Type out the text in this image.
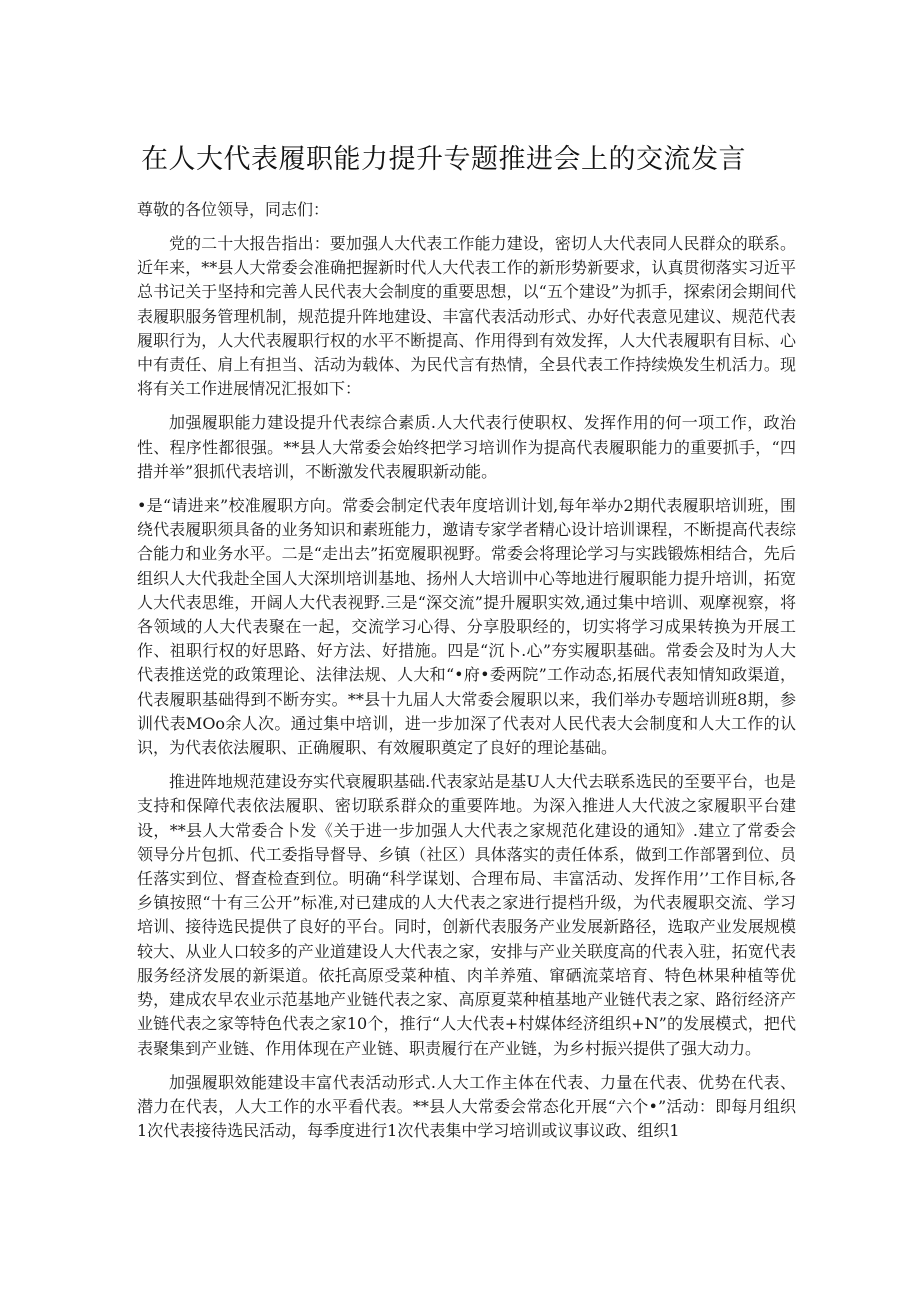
在人大代表履职能力提升专题推进会上的交流发言

尊敬的各位领导，同志们：

党的二十大报告指出：要加强人大代表工作能力建设，密切人大代表同人民群众的联系。近年来，**县人大常委会准确把握新时代人大代表工作的新形势新要求，认真贯彻落实习近平总书记关于坚持和完善人民代表大会制度的重要思想，以“五个建设”为抓手，探索闭会期间代表履职服务管理机制，规范提升阵地建设、丰富代表活动形式、办好代表意见建议、规范代表履职行为，人大代表履职行权的水平不断提高、作用得到有效发挥，人大代表履职有目标、心中有责任、肩上有担当、活动为载体、为民代言有热情，全县代表工作持续焕发生机活力。现将有关工作进展情况汇报如下：

加强履职能力建设提升代表综合素质.人大代表行使职权、发挥作用的何一项工作，政治性、程序性都很强。**县人大常委会始终把学习培训作为提高代表履职能力的重要抓手，“四措并举”狠抓代表培训，不断激发代表履职新动能。

•是“请进来”校准履职方向。常委会制定代表年度培训计划,每年举办2期代表履职培训班，围绕代表履职须具备的业务知识和素班能力，邀请专家学者精心设计培训课程，不断提高代表综合能力和业务水平。二是“走出去”拓宽履职视野。常委会将理论学习与实践锻炼相结合，先后组织人大代我赴全国人大深圳培训基地、扬州人大培训中心等地进行履职能力提升培训，拓宽人大代表思维，开阔人大代表视野.三是“深交流”提升履职实效,通过集中培训、观摩视察，将各领域的人大代表聚在一起，交流学习心得、分享股职经的，切实将学习成果转换为开展工作、祖职行权的好思路、好方法、好措施。四是“沉卜.心”夯实履职基础。常委会及时为人大代表推送党的政策理论、法律法规、人大和“•府•委两院”工作动态,拓展代表知情知政渠道，代表履职基础得到不断夯实。**县十九届人大常委会履职以来，我们举办专题培训班8期，参训代表MOo余人次。通过集中培训，进一步加深了代表对人民代表大会制度和人大工作的认识，为代表依法履职、正确履职、有效履职奠定了良好的理论基础。

推进阵地规范建设夯实代衰履职基础.代表家站是基U人大代去联系选民的至要平台，也是支持和保障代表依法履职、密切联系群众的重要阵地。为深入推进人大代波之家履职平台建设，**县人大常委合卜发《关于进一步加强人大代表之家规范化建设的通知》.建立了常委会领导分片包抓、代工委指导督导、乡镇（社区）具体落实的责任体系，做到工作部署到位、员任落实到位、督查检查到位。明确“科学谋划、合理布局、丰富活动、发挥作用’’工作目标,各乡镇按照“十有三公开”标准,对已建成的人大代表之家进行提档升级，为代表履职交流、学习培训、接待选民提供了良好的平台。同时，创新代表服务产业发展新路径，选取产业发展规模较大、从业人口较多的产业道建设人大代表之家，安排与产业关联度高的代表入驻，拓宽代表服务经济发展的新渠道。依托高原受菜种植、肉羊养殖、窜硒流菜培育、特色林果种植等优势，建成农早农业示范基地产业链代表之家、高原夏菜种植基地产业链代表之家、路衍经济产业链代表之家等特色代表之家10个，推行“人大代表+村媒体经济组织+N”的发展模式，把代表聚集到产业链、作用体现在产业链、职责履行在产业链，为乡村振兴提供了强大动力。

加强履职效能建设丰富代表活动形式.人大工作主体在代表、力量在代表、优势在代表、潜力在代表，人大工作的水平看代表。**县人大常委会常态化开展“六个•”活动：即每月组织1次代表接待选民活动，每季度进行1次代表集中学习培训或议事议政、组织1
